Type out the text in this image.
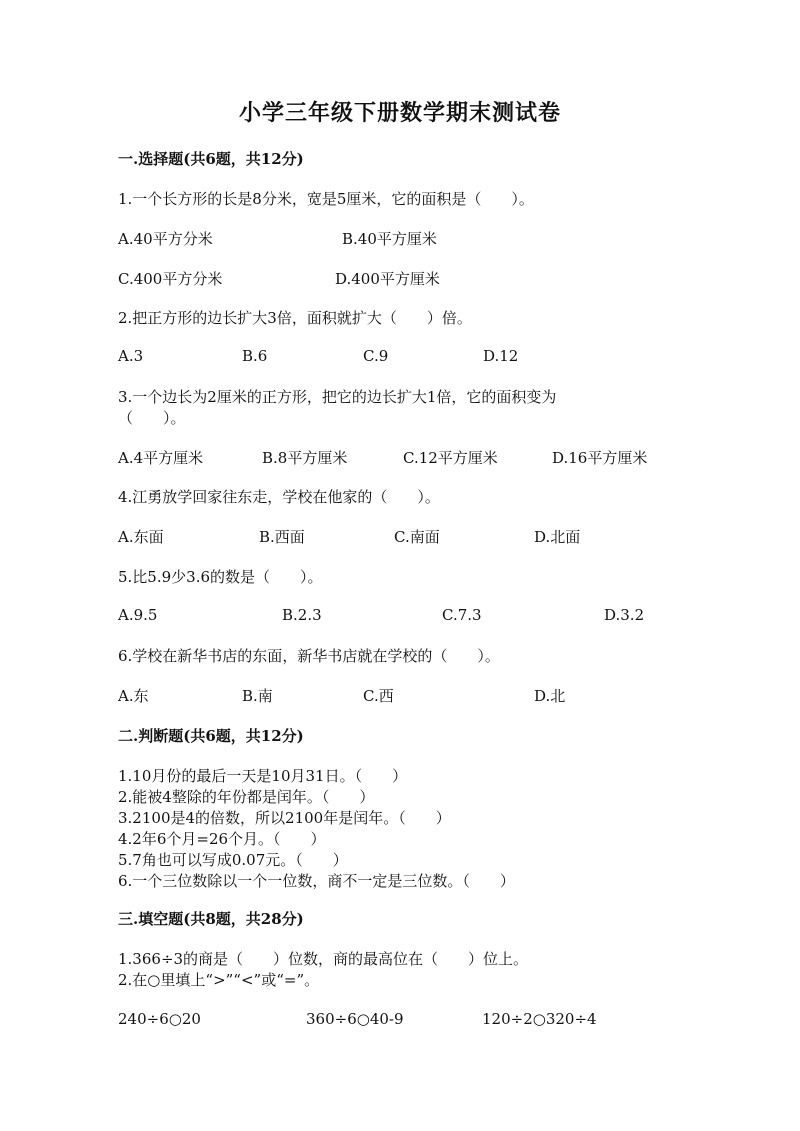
小学三年级下册数学期末测试卷
一.选择题(共6题，共12分)
1.一个长方形的长是8分米，宽是5厘米，它的面积是（　　）。
A.40平方分米	B.40平方厘米
C.400平方分米	D.400平方厘米
2.把正方形的边长扩大3倍，面积就扩大（　　）倍。
A.3	B.6	C.9	D.12
3.一个边长为2厘米的正方形，把它的边长扩大1倍，它的面积变为
（　　）。
A.4平方厘米	B.8平方厘米	C.12平方厘米	D.16平方厘米
4.江勇放学回家往东走，学校在他家的（　　）。
A.东面	B.西面	C.南面	D.北面
5.比5.9少3.6的数是（　　）。
A.9.5	B.2.3	C.7.3	D.3.2
6.学校在新华书店的东面，新华书店就在学校的（　　）。
A.东	B.南	C.西	D.北
二.判断题(共6题，共12分)
1.10月份的最后一天是10月31日。（　　）
2.能被4整除的年份都是闰年。（　　）
3.2100是4的倍数，所以2100年是闰年。（　　）
4.2年6个月=26个月。（　　）
5.7角也可以写成0.07元。（　　）
6.一个三位数除以一个一位数，商不一定是三位数。（　　）
三.填空题(共8题，共28分)
1.366÷3的商是（　　）位数，商的最高位在（　　）位上。
2.在○里填上“>”“<”或“=”。
240÷6○20	360÷6○40-9	120÷2○320÷4
